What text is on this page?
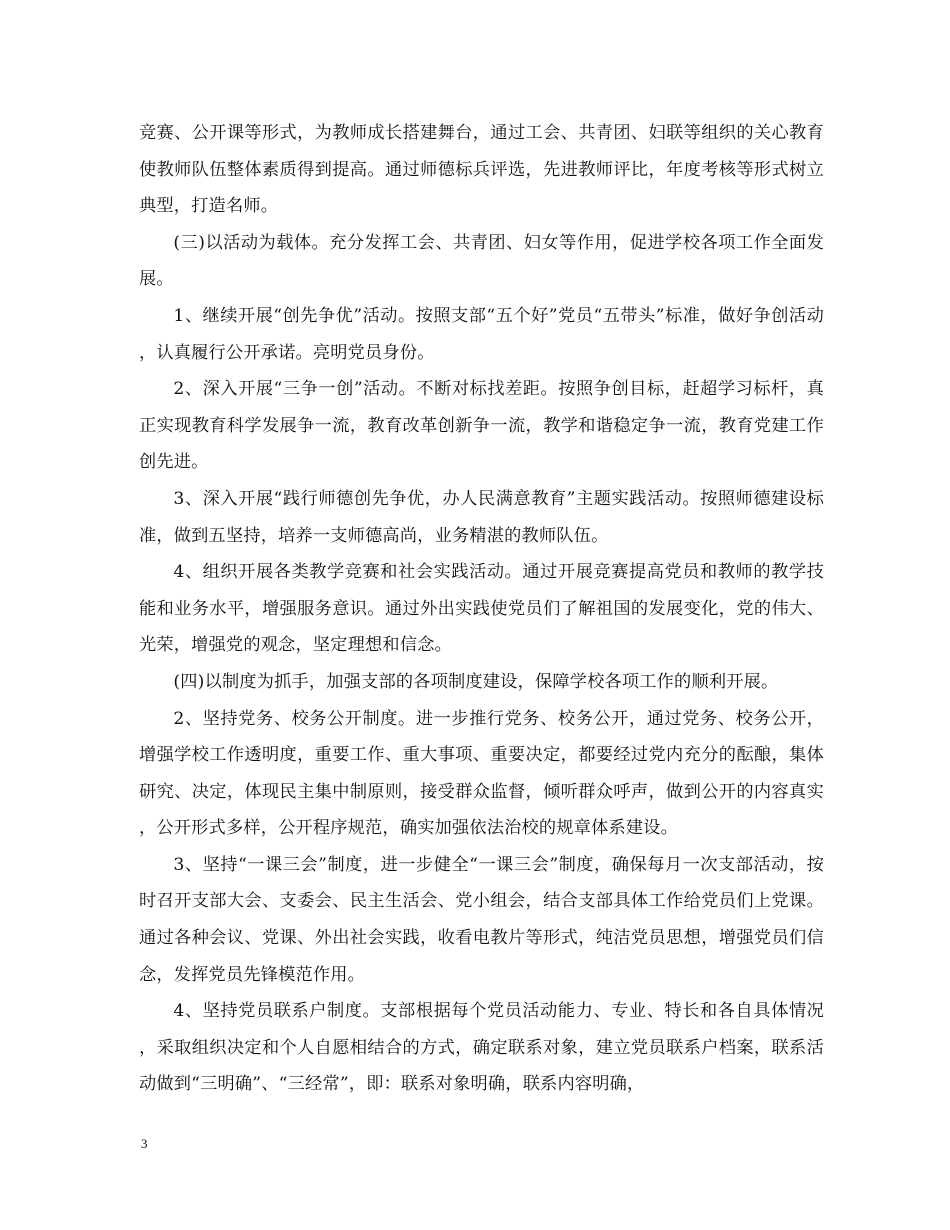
竞赛、公开课等形式，为教师成长搭建舞台，通过工会、共青团、妇联等组织的关心教育使教师队伍整体素质得到提高。通过师德标兵评选，先进教师评比，年度考核等形式树立典型，打造名师。

(三)以活动为载体。充分发挥工会、共青团、妇女等作用，促进学校各项工作全面发展。

1、继续开展“创先争优”活动。按照支部“五个好”党员“五带头”标准，做好争创活动，认真履行公开承诺。亮明党员身份。

2、深入开展“三争一创”活动。不断对标找差距。按照争创目标，赶超学习标杆，真正实现教育科学发展争一流，教育改革创新争一流，教学和谐稳定争一流，教育党建工作创先进。

3、深入开展“践行师德创先争优，办人民满意教育”主题实践活动。按照师德建设标准，做到五坚持，培养一支师德高尚，业务精湛的教师队伍。

4、组织开展各类教学竞赛和社会实践活动。通过开展竞赛提高党员和教师的教学技能和业务水平，增强服务意识。通过外出实践使党员们了解祖国的发展变化，党的伟大、光荣，增强党的观念，坚定理想和信念。

(四)以制度为抓手，加强支部的各项制度建设，保障学校各项工作的顺利开展。

2、坚持党务、校务公开制度。进一步推行党务、校务公开，通过党务、校务公开，增强学校工作透明度，重要工作、重大事项、重要决定，都要经过党内充分的酝酿，集体研究、决定，体现民主集中制原则，接受群众监督，倾听群众呼声，做到公开的内容真实，公开形式多样，公开程序规范，确实加强依法治校的规章体系建设。

3、坚持“一课三会”制度，进一步健全“一课三会”制度，确保每月一次支部活动，按时召开支部大会、支委会、民主生活会、党小组会，结合支部具体工作给党员们上党课。通过各种会议、党课、外出社会实践，收看电教片等形式，纯洁党员思想，增强党员们信念，发挥党员先锋模范作用。

4、坚持党员联系户制度。支部根据每个党员活动能力、专业、特长和各自具体情况，采取组织决定和个人自愿相结合的方式，确定联系对象，建立党员联系户档案，联系活动做到“三明确”、“三经常”，即：联系对象明确，联系内容明确，

3
